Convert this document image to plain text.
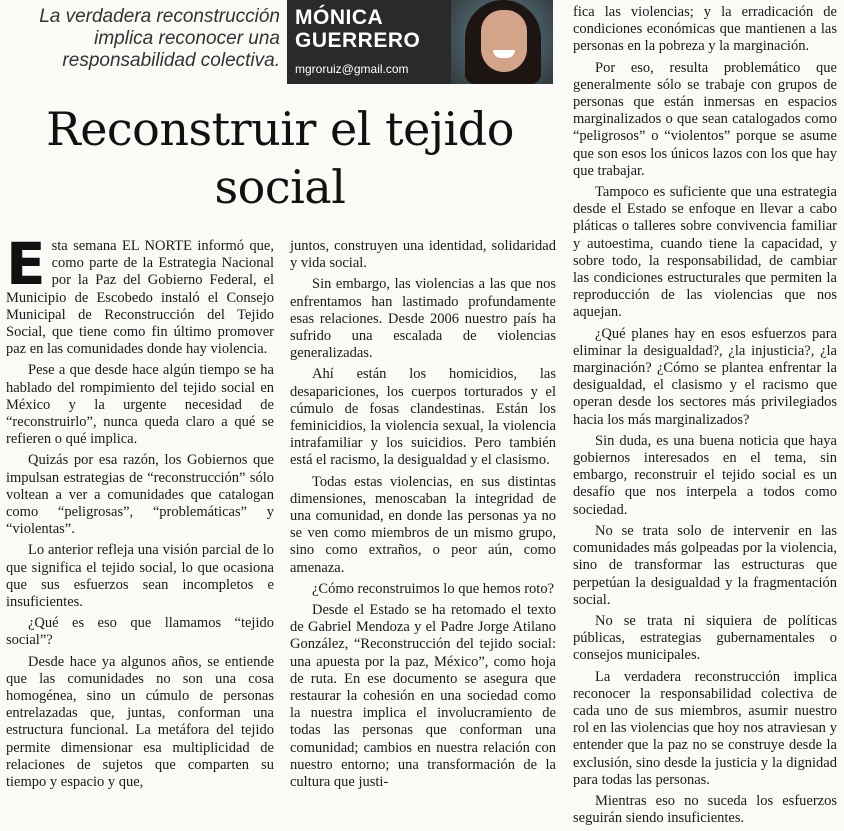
La verdadera reconstrucción implica reconocer una responsabilidad colectiva.
MÓNICA GUERRERO
mgroruiz@gmail.com
Reconstruir el tejido social

Esta semana EL NORTE informó que, como parte de la Estrategia Nacional por la Paz del Gobierno Federal, el Municipio de Escobedo instaló el Consejo Municipal de Reconstrucción del Tejido Social, que tiene como fin último promover paz en las comunidades donde hay violencia.

Pese a que desde hace algún tiempo se ha hablado del rompimiento del tejido social en México y la urgente necesidad de “reconstruirlo”, nunca queda claro a qué se refieren o qué implica.

Quizás por esa razón, los Gobiernos que impulsan estrategias de “reconstrucción” sólo voltean a ver a comunidades que catalogan como “peligrosas”, “problemáticas” y “violentas”.

Lo anterior refleja una visión parcial de lo que significa el tejido social, lo que ocasiona que sus esfuerzos sean incompletos e insuficientes.

¿Qué es eso que llamamos “tejido social”?

Desde hace ya algunos años, se entiende que las comunidades no son una cosa homogénea, sino un cúmulo de personas entrelazadas que, juntas, conforman una estructura funcional. La metáfora del tejido permite dimensionar esa multiplicidad de relaciones de sujetos que comparten su tiempo y espacio y que,

juntos, construyen una identidad, solidaridad y vida social.

Sin embargo, las violencias a las que nos enfrentamos han lastimado profundamente esas relaciones. Desde 2006 nuestro país ha sufrido una escalada de violencias generalizadas.

Ahí están los homicidios, las desapariciones, los cuerpos torturados y el cúmulo de fosas clandestinas. Están los feminicidios, la violencia sexual, la violencia intrafamiliar y los suicidios. Pero también está el racismo, la desigualdad y el clasismo.

Todas estas violencias, en sus distintas dimensiones, menoscaban la integridad de una comunidad, en donde las personas ya no se ven como miembros de un mismo grupo, sino como extraños, o peor aún, como amenaza.

¿Cómo reconstruimos lo que hemos roto?

Desde el Estado se ha retomado el texto de Gabriel Mendoza y el Padre Jorge Atilano González, “Reconstrucción del tejido social: una apuesta por la paz, México”, como hoja de ruta. En ese documento se asegura que restaurar la cohesión en una sociedad como la nuestra implica el involucramiento de todas las personas que conforman una comunidad; cambios en nuestra relación con nuestro entorno; una transformación de la cultura que justi-

fica las violencias; y la erradicación de condiciones económicas que mantienen a las personas en la pobreza y la marginación.

Por eso, resulta problemático que generalmente sólo se trabaje con grupos de personas que están inmersas en espacios marginalizados o que sean catalogados como “peligrosos” o “violentos” porque se asume que son esos los únicos lazos con los que hay que trabajar.

Tampoco es suficiente que una estrategia desde el Estado se enfoque en llevar a cabo pláticas o talleres sobre convivencia familiar y autoestima, cuando tiene la capacidad, y sobre todo, la responsabilidad, de cambiar las condiciones estructurales que permiten la reproducción de las violencias que nos aquejan.

¿Qué planes hay en esos esfuerzos para eliminar la desigualdad?, ¿la injusticia?, ¿la marginación? ¿Cómo se plantea enfrentar la desigualdad, el clasismo y el racismo que operan desde los sectores más privilegiados hacia los más marginalizados?

Sin duda, es una buena noticia que haya gobiernos interesados en el tema, sin embargo, reconstruir el tejido social es un desafío que nos interpela a todos como sociedad.

No se trata solo de intervenir en las comunidades más golpeadas por la violencia, sino de transformar las estructuras que perpetúan la desigualdad y la fragmentación social.

No se trata ni siquiera de políticas públicas, estrategias gubernamentales o consejos municipales.

La verdadera reconstrucción implica reconocer la responsabilidad colectiva de cada uno de sus miembros, asumir nuestro rol en las violencias que hoy nos atraviesan y entender que la paz no se construye desde la exclusión, sino desde la justicia y la dignidad para todas las personas.

Mientras eso no suceda los esfuerzos seguirán siendo insuficientes.
